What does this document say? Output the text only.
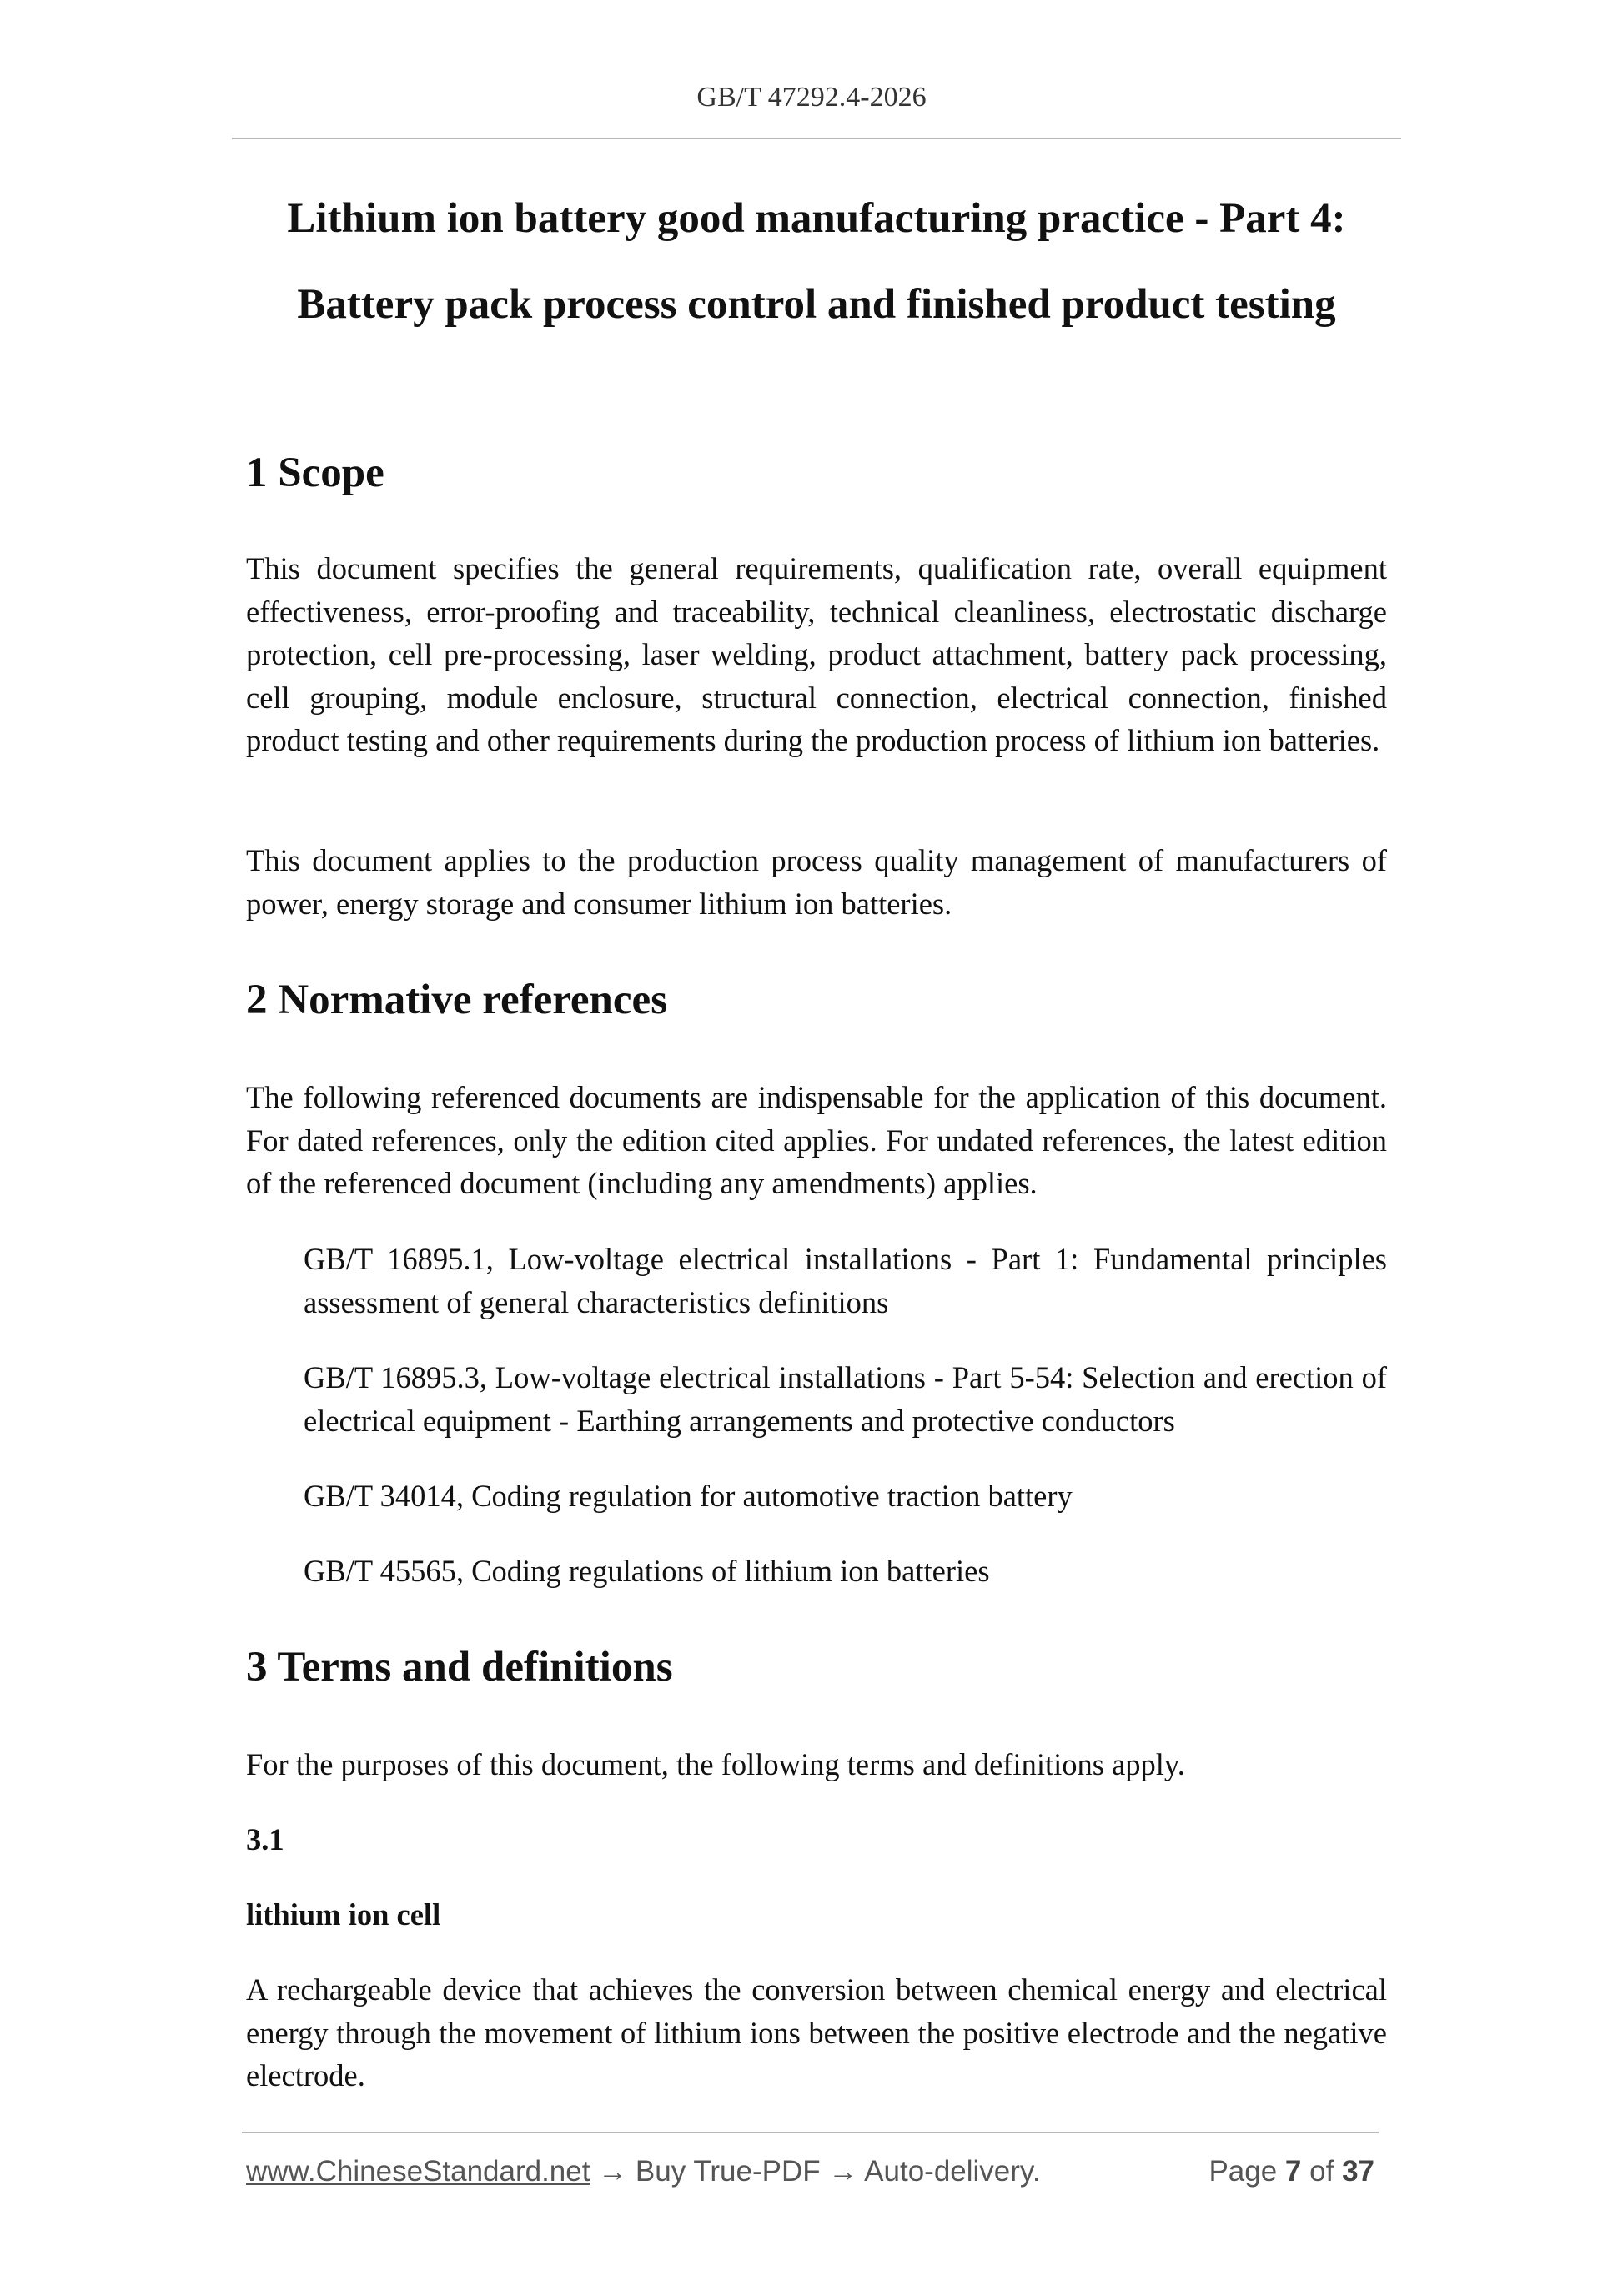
GB/T 47292.4-2026
Lithium ion battery good manufacturing practice - Part 4:
Battery pack process control and finished product testing
1 Scope
This document specifies the general requirements, qualification rate, overall equipment effectiveness, error-proofing and traceability, technical cleanliness, electrostatic discharge protection, cell pre-processing, laser welding, product attachment, battery pack processing, cell grouping, module enclosure, structural connection, electrical connection, finished product testing and other requirements during the production process of lithium ion batteries.
This document applies to the production process quality management of manufacturers of power, energy storage and consumer lithium ion batteries.
2 Normative references
The following referenced documents are indispensable for the application of this document. For dated references, only the edition cited applies. For undated references, the latest edition of the referenced document (including any amendments) applies.
GB/T 16895.1, Low-voltage electrical installations - Part 1: Fundamental principles assessment of general characteristics definitions
GB/T 16895.3, Low-voltage electrical installations - Part 5-54: Selection and erection of electrical equipment - Earthing arrangements and protective conductors
GB/T 34014, Coding regulation for automotive traction battery
GB/T 45565, Coding regulations of lithium ion batteries
3 Terms and definitions
For the purposes of this document, the following terms and definitions apply.
3.1
lithium ion cell
A rechargeable device that achieves the conversion between chemical energy and electrical energy through the movement of lithium ions between the positive electrode and the negative electrode.
www.ChineseStandard.net → Buy True-PDF → Auto-delivery.	Page 7 of 37
